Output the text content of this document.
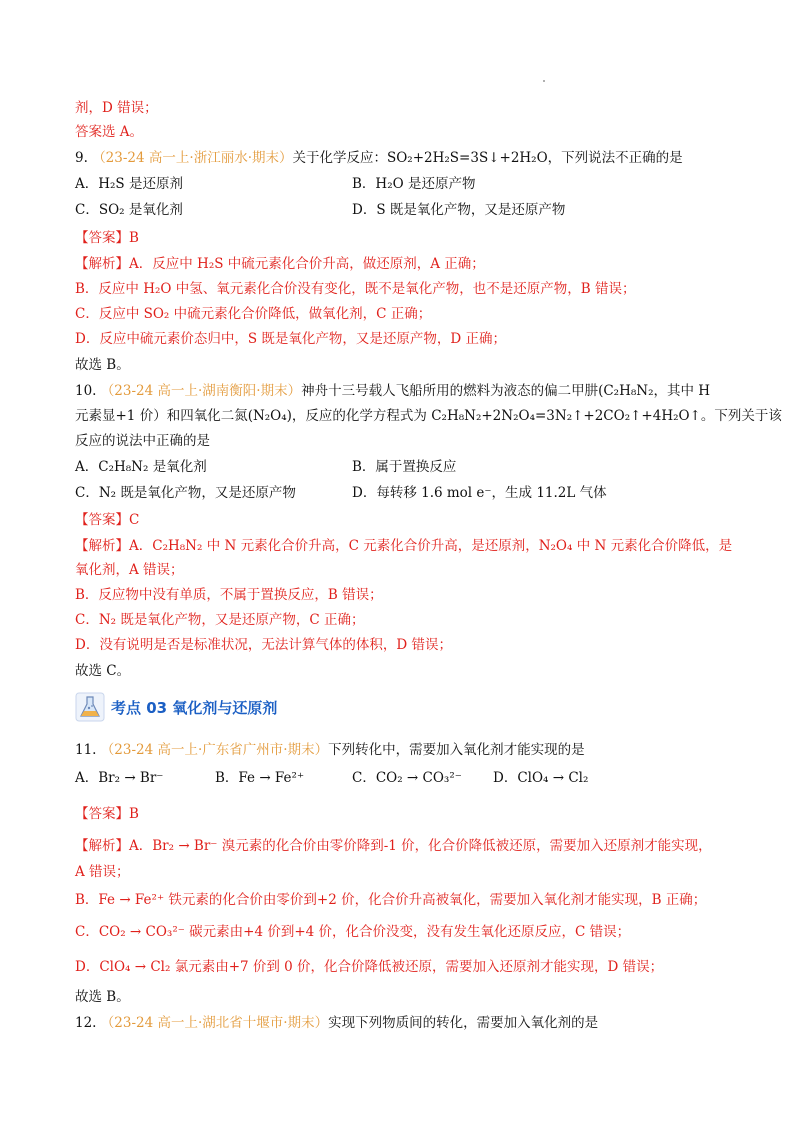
剂，D 错误；
答案选 A。
9. （23-24 高一上·浙江丽水·期末）关于化学反应：SO₂+2H₂S=3S↓+2H₂O，下列说法不正确的是
A．H₂S 是还原剂	B．H₂O 是还原产物
C．SO₂ 是氧化剂	D．S 既是氧化产物，又是还原产物
【答案】B
【解析】A．反应中 H₂S 中硫元素化合价升高，做还原剂，A 正确；
B．反应中 H₂O 中氢、氧元素化合价没有变化，既不是氧化产物，也不是还原产物，B 错误；
C．反应中 SO₂ 中硫元素化合价降低，做氧化剂，C 正确；
D．反应中硫元素价态归中，S 既是氧化产物，又是还原产物，D 正确；
故选 B。
10. （23-24 高一上·湖南衡阳·期末）神舟十三号载人飞船所用的燃料为液态的偏二甲肼(C₂H₈N₂，其中 H
元素显+1 价）和四氧化二氮(N₂O₄)，反应的化学方程式为 C₂H₈N₂+2N₂O₄=3N₂↑+2CO₂↑+4H₂O↑。下列关于该
反应的说法中正确的是
A．C₂H₈N₂ 是氧化剂	B．属于置换反应
C．N₂ 既是氧化产物，又是还原产物	D．每转移 1.6 mol e⁻，生成 11.2L 气体
【答案】C
【解析】A．C₂H₈N₂ 中 N 元素化合价升高，C 元素化合价升高，是还原剂，N₂O₄ 中 N 元素化合价降低，是
氧化剂，A 错误；
B．反应物中没有单质，不属于置换反应，B 错误；
C．N₂ 既是氧化产物，又是还原产物，C 正确；
D．没有说明是否是标准状况，无法计算气体的体积，D 错误；
故选 C。
考点 03 氧化剂与还原剂
11. （23-24 高一上·广东省广州市·期末）下列转化中，需要加入氧化剂才能实现的是
A．Br₂ → Br⁻	B．Fe → Fe²⁺	C．CO₂ → CO₃²⁻ D．ClO₄ → Cl₂
【答案】B
【解析】A．Br₂ → Br⁻ 溴元素的化合价由零价降到-1 价，化合价降低被还原，需要加入还原剂才能实现，
A 错误；
B．Fe → Fe²⁺ 铁元素的化合价由零价到+2 价，化合价升高被氧化，需要加入氧化剂才能实现，B 正确；
C．CO₂ → CO₃²⁻ 碳元素由+4 价到+4 价，化合价没变，没有发生氧化还原反应，C 错误；
D．ClO₄ → Cl₂ 氯元素由+7 价到 0 价，化合价降低被还原，需要加入还原剂才能实现，D 错误；
故选 B。
12. （23-24 高一上·湖北省十堰市·期末）实现下列物质间的转化，需要加入氧化剂的是
